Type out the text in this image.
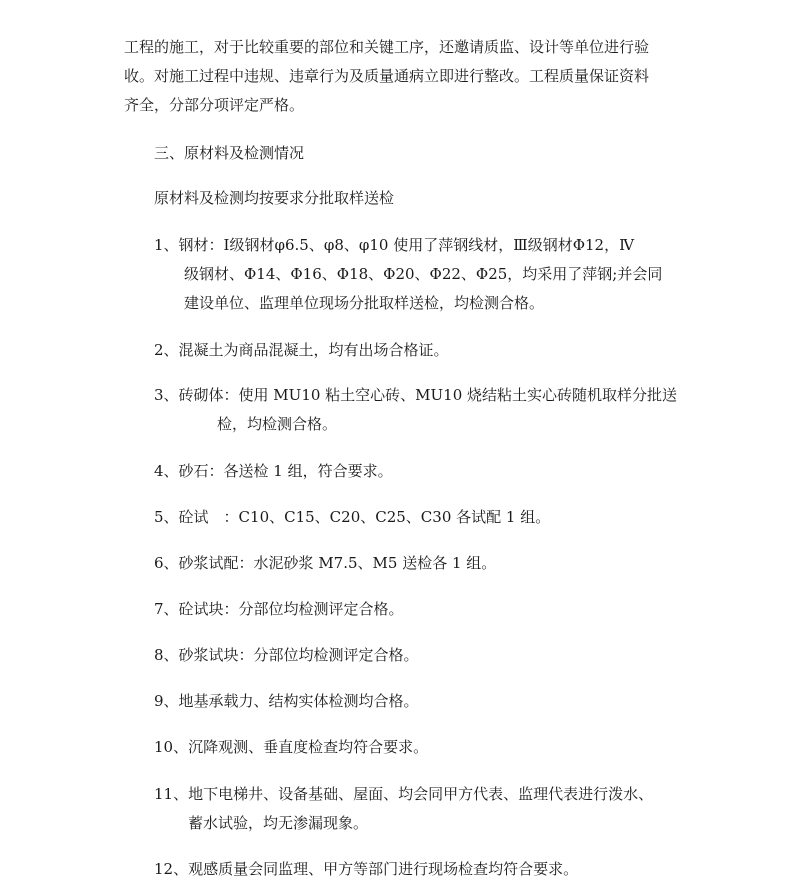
工程的施工，对于比较重要的部位和关键工序，还邀请质监、设计等单位进行验
收。对施工过程中违规、违章行为及质量通病立即进行整改。工程质量保证资料
齐全，分部分项评定严格。
三、原材料及检测情况
原材料及检测均按要求分批取样送检
1、钢材：Ⅰ级钢材φ6.5、φ8、φ10 使用了萍钢线材，Ⅲ级钢材Φ12，Ⅳ
级钢材、Φ14、Φ16、Φ18、Φ20、Φ22、Φ25，均采用了萍钢;并会同
建设单位、监理单位现场分批取样送检，均检测合格。
2、混凝土为商品混凝土，均有出场合格证。
3、砖砌体：使用 MU10 粘土空心砖、MU10 烧结粘土实心砖随机取样分批送
检，均检测合格。
4、砂石：各送检 1 组，符合要求。
5、砼试　：C10、C15、C20、C25、C30 各试配 1 组。
6、砂浆试配：水泥砂浆 M7.5、M5 送检各 1 组。
7、砼试块：分部位均检测评定合格。
8、砂浆试块：分部位均检测评定合格。
9、地基承载力、结构实体检测均合格。
10、沉降观测、垂直度检查均符合要求。
11、地下电梯井、设备基础、屋面、均会同甲方代表、监理代表进行泼水、
蓄水试验，均无渗漏现象。
12、观感质量会同监理、甲方等部门进行现场检查均符合要求。
